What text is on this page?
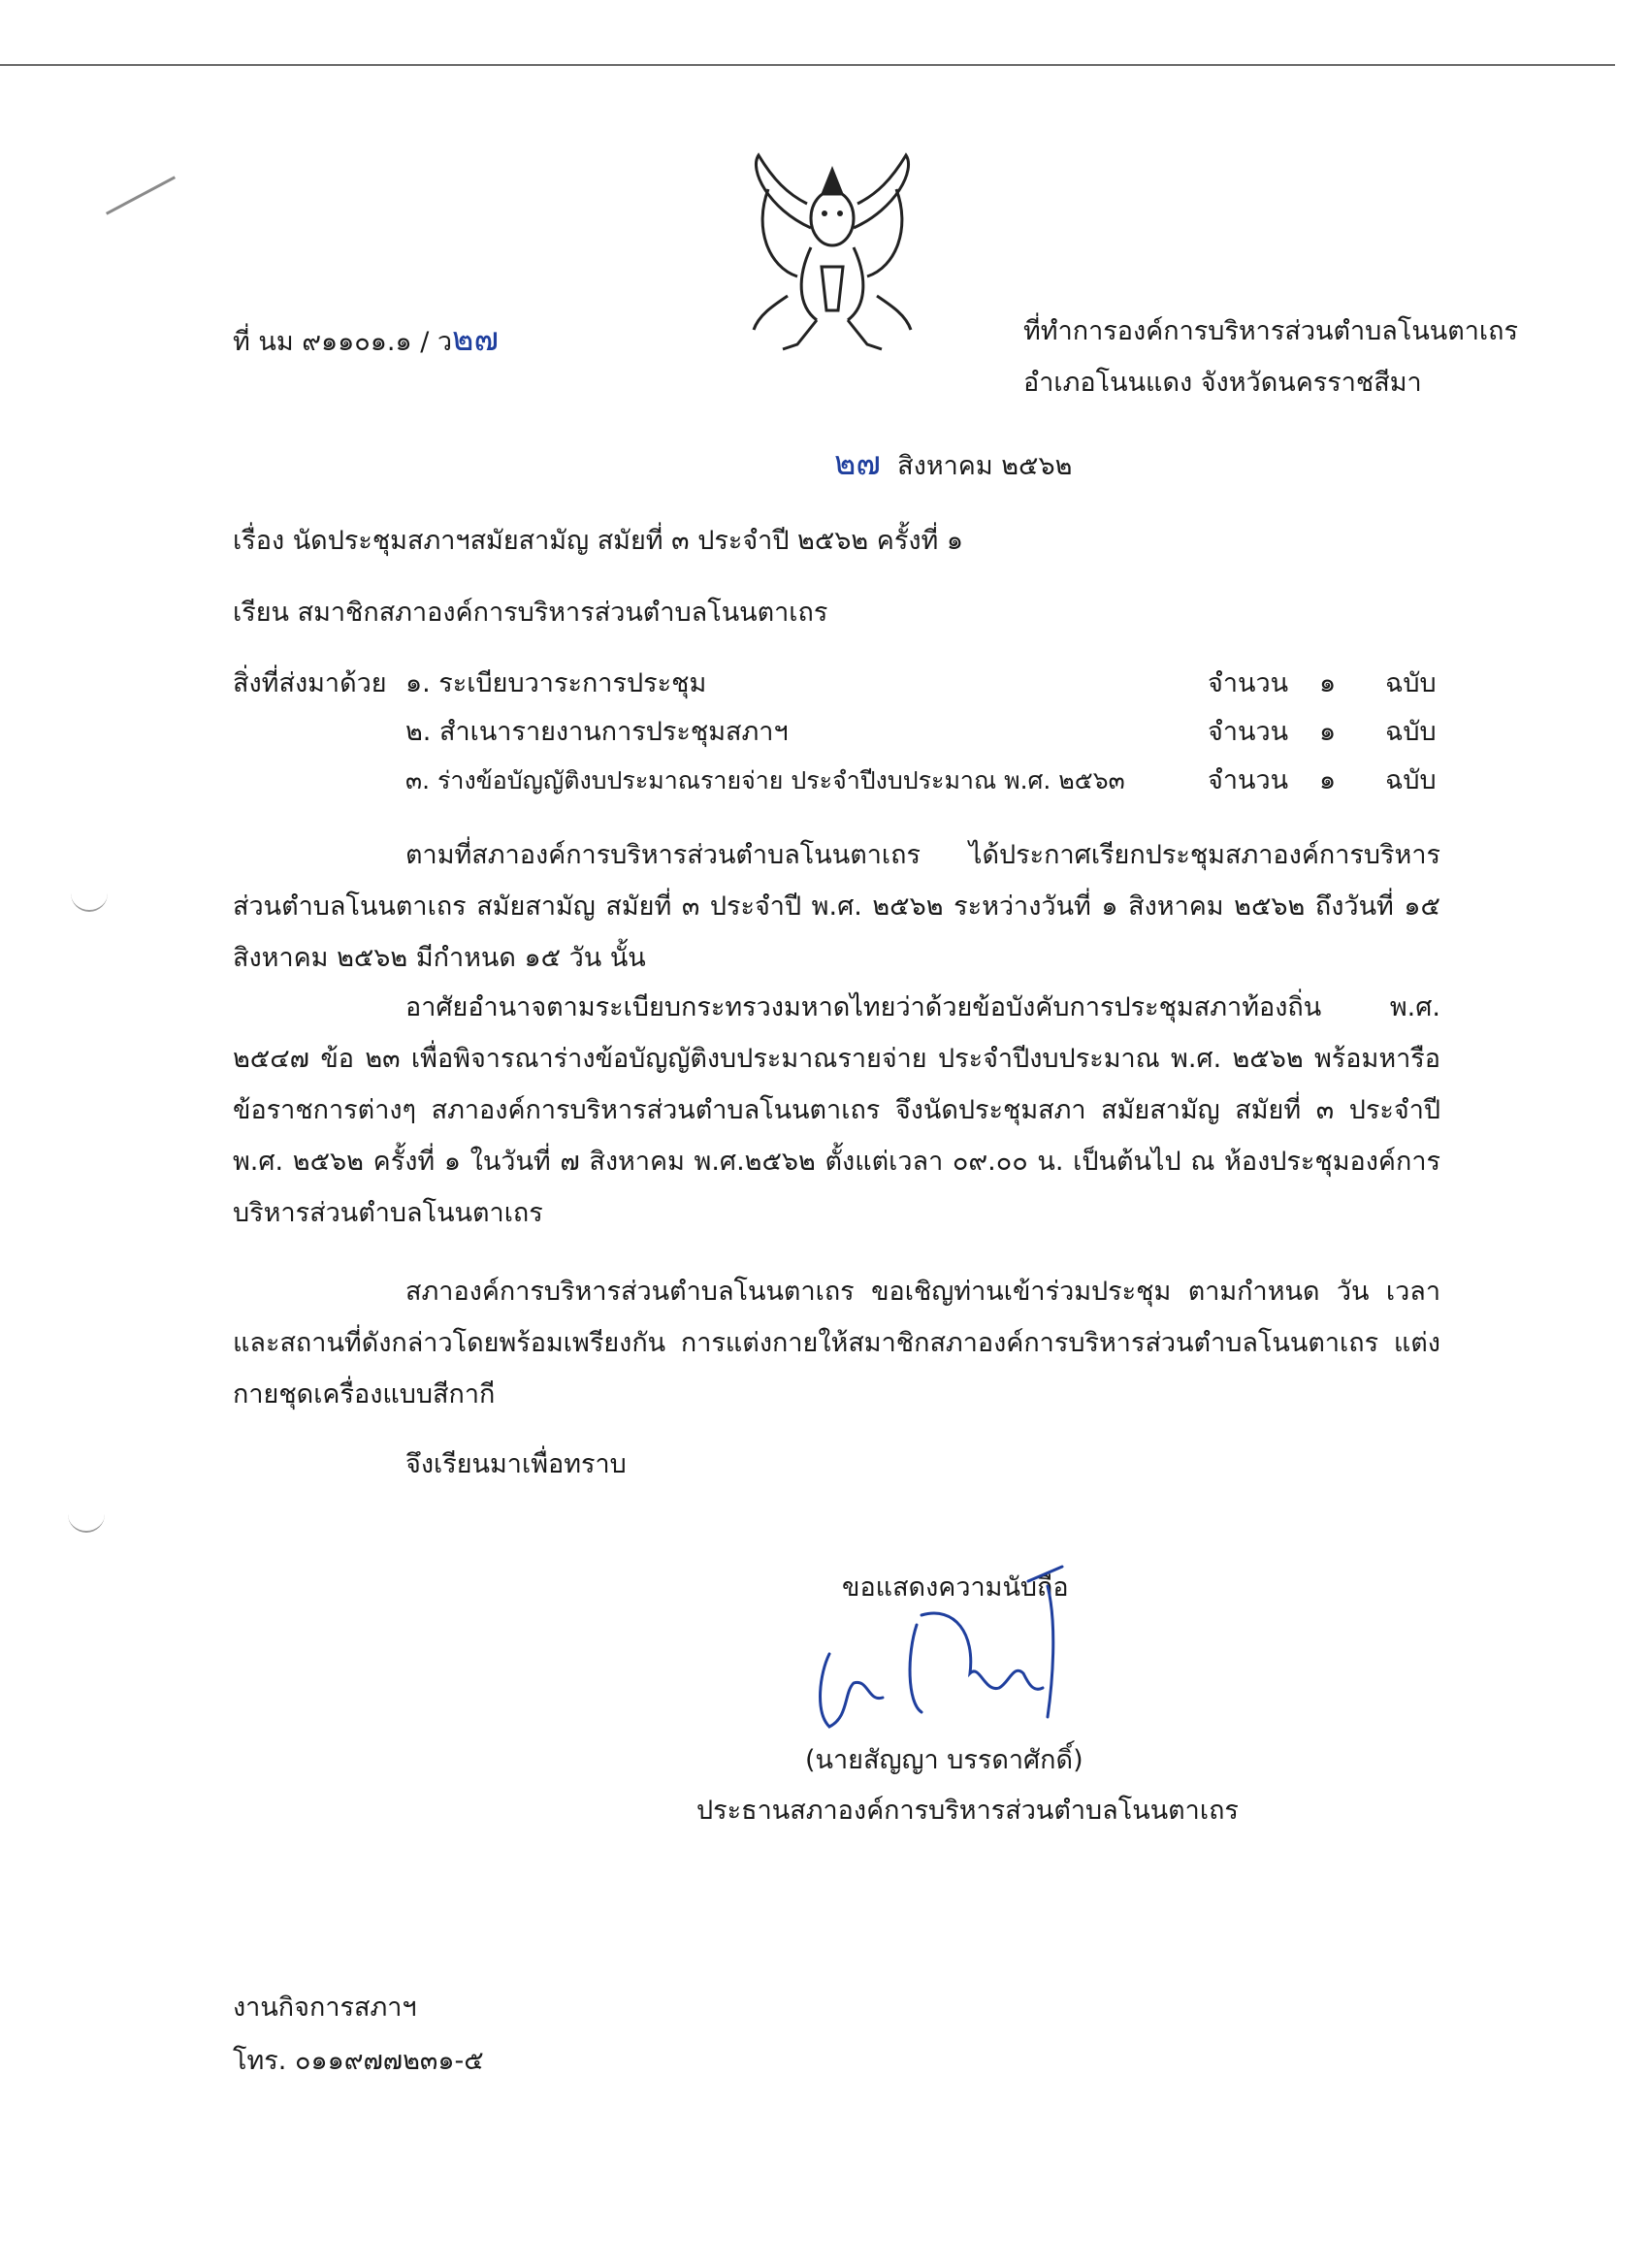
ที่ นม ๙๑๑๐๑.๑ / ว๒๗	ที่ทำการองค์การบริหารส่วนตำบลโนนตาเถร
อำเภอโนนแดง จังหวัดนครราชสีมา
๒๗ สิงหาคม ๒๕๖๒
เรื่อง นัดประชุมสภาฯสมัยสามัญ สมัยที่ ๓ ประจำปี ๒๕๖๒ ครั้งที่ ๑
เรียน สมาชิกสภาองค์การบริหารส่วนตำบลโนนตาเถร
สิ่งที่ส่งมาด้วย ๑. ระเบียบวาระการประชุม	จำนวน ๑ ฉบับ
๒. สำเนารายงานการประชุมสภาฯ	จำนวน ๑ ฉบับ
๓. ร่างข้อบัญญัติงบประมาณรายจ่าย ประจำปีงบประมาณ พ.ศ. ๒๕๖๓	จำนวน ๑ ฉบับ
ตามที่สภาองค์การบริหารส่วนตำบลโนนตาเถร ได้ประกาศเรียกประชุมสภาองค์การบริหารส่วนตำบลโนนตาเถร สมัยสามัญ สมัยที่ ๓ ประจำปี พ.ศ. ๒๕๖๒ ระหว่างวันที่ ๑ สิงหาคม ๒๕๖๒ ถึงวันที่ ๑๕ สิงหาคม ๒๕๖๒ มีกำหนด ๑๕ วัน นั้น
อาศัยอำนาจตามระเบียบกระทรวงมหาดไทยว่าด้วยข้อบังคับการประชุมสภาท้องถิ่น พ.ศ. ๒๕๔๗ ข้อ ๒๓ เพื่อพิจารณาร่างข้อบัญญัติงบประมาณรายจ่าย ประจำปีงบประมาณ พ.ศ. ๒๕๖๒ พร้อมหารือข้อราชการต่างๆ สภาองค์การบริหารส่วนตำบลโนนตาเถร จึงนัดประชุมสภา สมัยสามัญ สมัยที่ ๓ ประจำปี พ.ศ. ๒๕๖๒ ครั้งที่ ๑ ในวันที่ ๗ สิงหาคม พ.ศ.๒๕๖๒ ตั้งแต่เวลา ๐๙.๐๐ น. เป็นต้นไป ณ ห้องประชุมองค์การบริหารส่วนตำบลโนนตาเถร
สภาองค์การบริหารส่วนตำบลโนนตาเถร ขอเชิญท่านเข้าร่วมประชุม ตามกำหนด วัน เวลา และสถานที่ดังกล่าวโดยพร้อมเพรียงกัน การแต่งกายให้สมาชิกสภาองค์การบริหารส่วนตำบลโนนตาเถร แต่งกายชุดเครื่องแบบสีกากี
จึงเรียนมาเพื่อทราบ
ขอแสดงความนับถือ
(นายสัญญา บรรดาศักดิ์)
ประธานสภาองค์การบริหารส่วนตำบลโนนตาเถร
งานกิจการสภาฯ
โทร. ๐๑๑๙๗๗๒๓๑-๕
